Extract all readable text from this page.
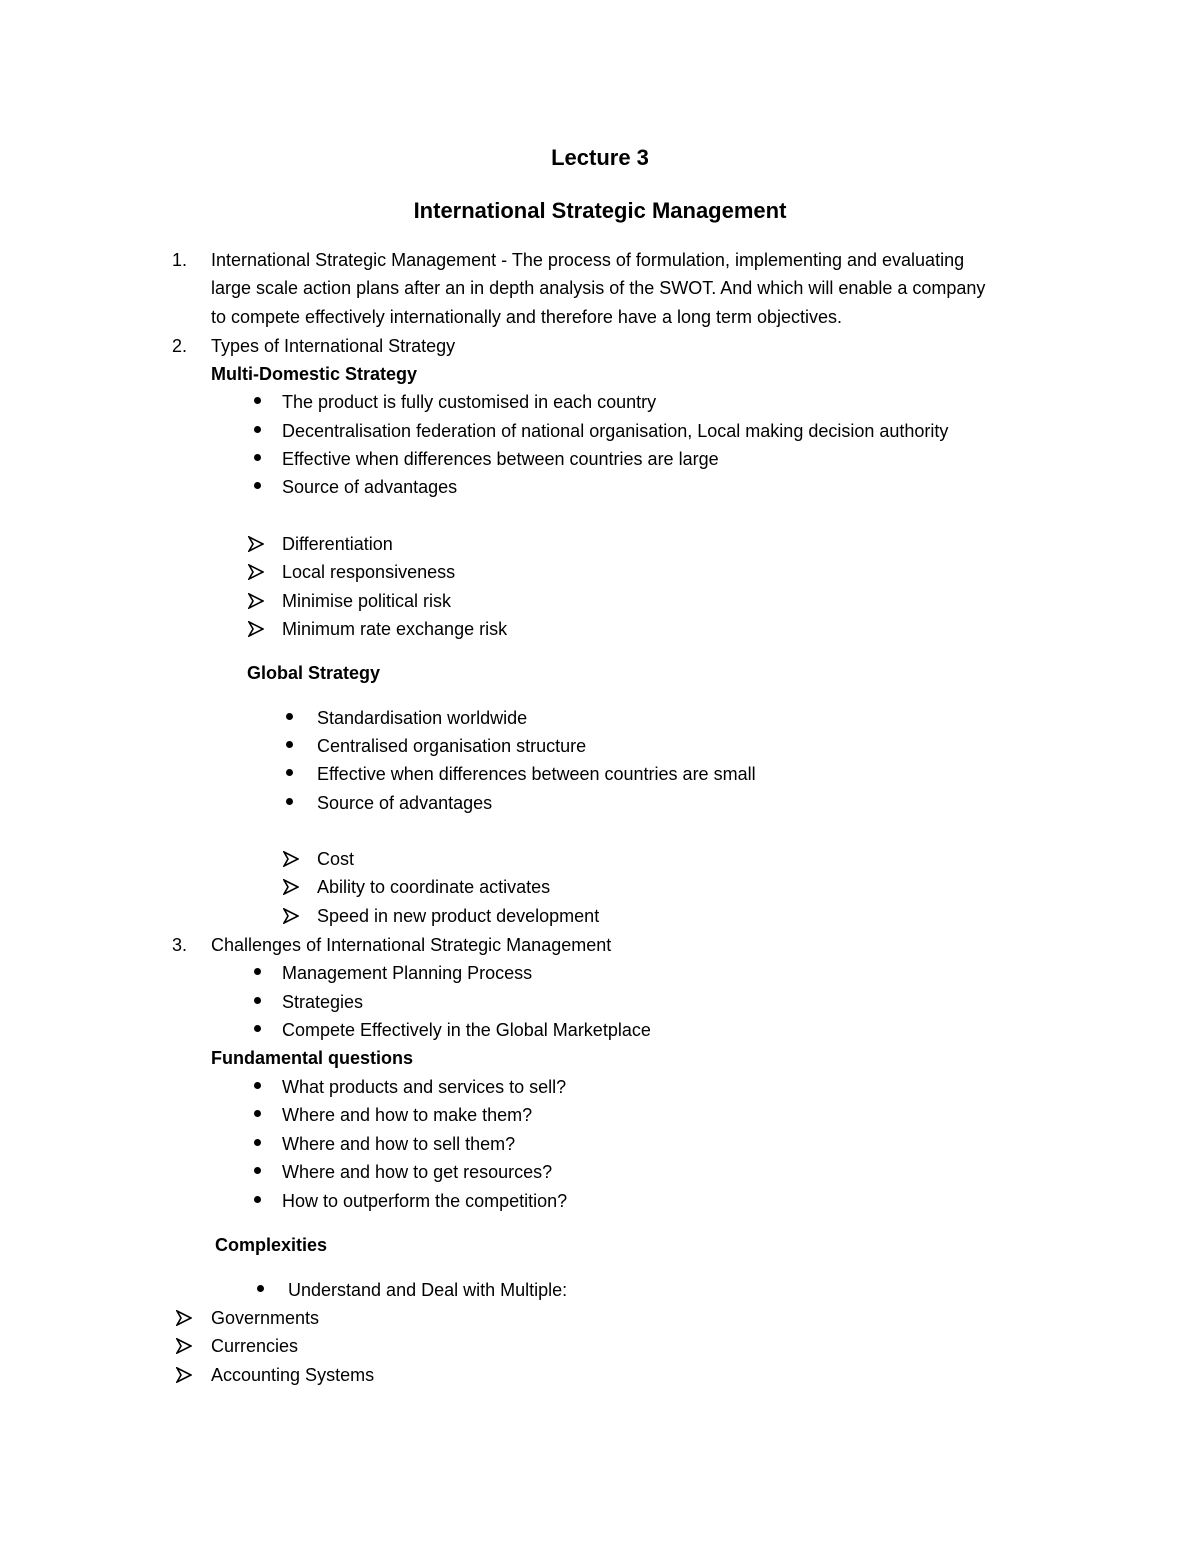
Lecture 3
International Strategic Management
1. International Strategic Management - The process of formulation, implementing and evaluating
large scale action plans after an in depth analysis of the SWOT. And which will enable a company
to compete effectively internationally and therefore have a long term objectives.
2. Types of International Strategy
Multi-Domestic Strategy
The product is fully customised in each country
Decentralisation federation of national organisation, Local making decision authority
Effective when differences between countries are large
Source of advantages
Differentiation
Local responsiveness
Minimise political risk
Minimum rate exchange risk
Global Strategy
Standardisation worldwide
Centralised organisation structure
Effective when differences between countries are small
Source of advantages
Cost
Ability to coordinate activates
Speed in new product development
3. Challenges of International Strategic Management
Management Planning Process
Strategies
Compete Effectively in the Global Marketplace
Fundamental questions
What products and services to sell?
Where and how to make them?
Where and how to sell them?
Where and how to get resources?
How to outperform the competition?
Complexities
Understand and Deal with Multiple:
Governments
Currencies
Accounting Systems
